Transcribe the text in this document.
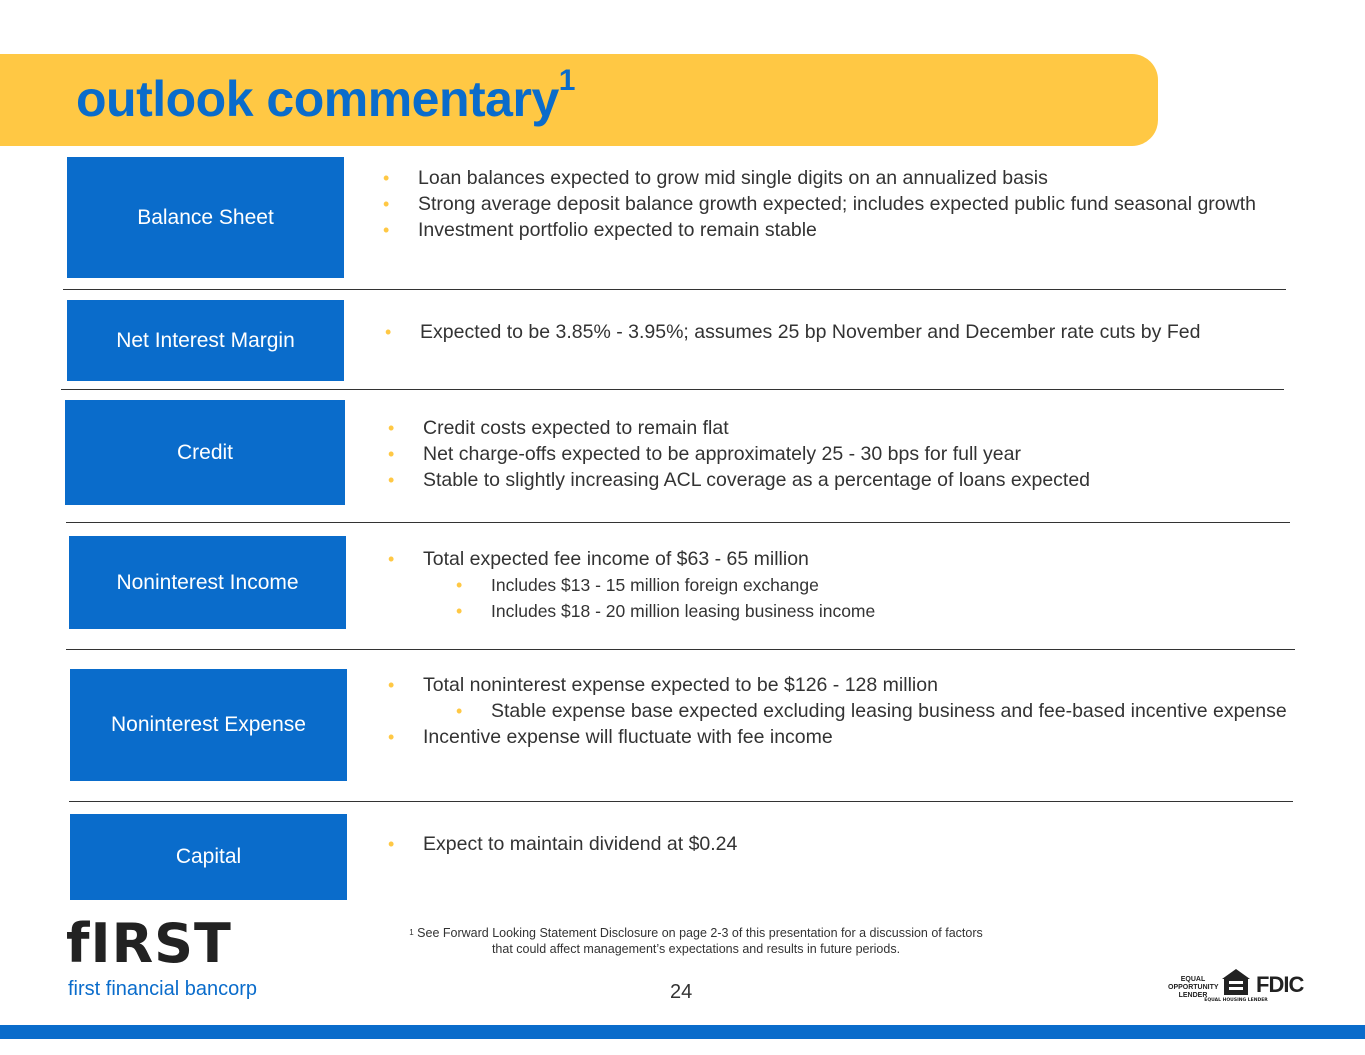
outlook commentary$^1$
Balance Sheet
• Loan balances expected to grow mid single digits on an annualized basis
• Strong average deposit balance growth expected; includes expected public fund seasonal growth
• Investment portfolio expected to remain stable
Net Interest Margin
•	Expected to be 3.85% - 3.95%; assumes 25 bp November and December rate cuts by Fed
Credit
• Credit costs expected to remain flat
• Net charge-offs expected to be approximately 25 - 30 bps for full year
• Stable to slightly increasing ACL coverage as a percentage of loans expected
Noninterest Income
• Total expected fee income of $63 - 65 million
• Includes $13 - 15 million foreign exchange
• Includes $18 - 20 million leasing business income
Noninterest Expense
• Total noninterest expense expected to be $126 - 128 million
• Stable expense base expected excluding leasing business and fee-based incentive expense
• Incentive expense will fluctuate with fee income
Capital
• Expect to maintain dividend at $0.24
fIRST
first financial bancorp
$^1$ See Forward Looking Statement Disclosure on page 2-3 of this presentation for a discussion of factors
that could affect management’s expectations and results in future periods.
24
EQUAL OPPORTUNITY LENDER
EQUAL HOUSING LENDER
FDIC
